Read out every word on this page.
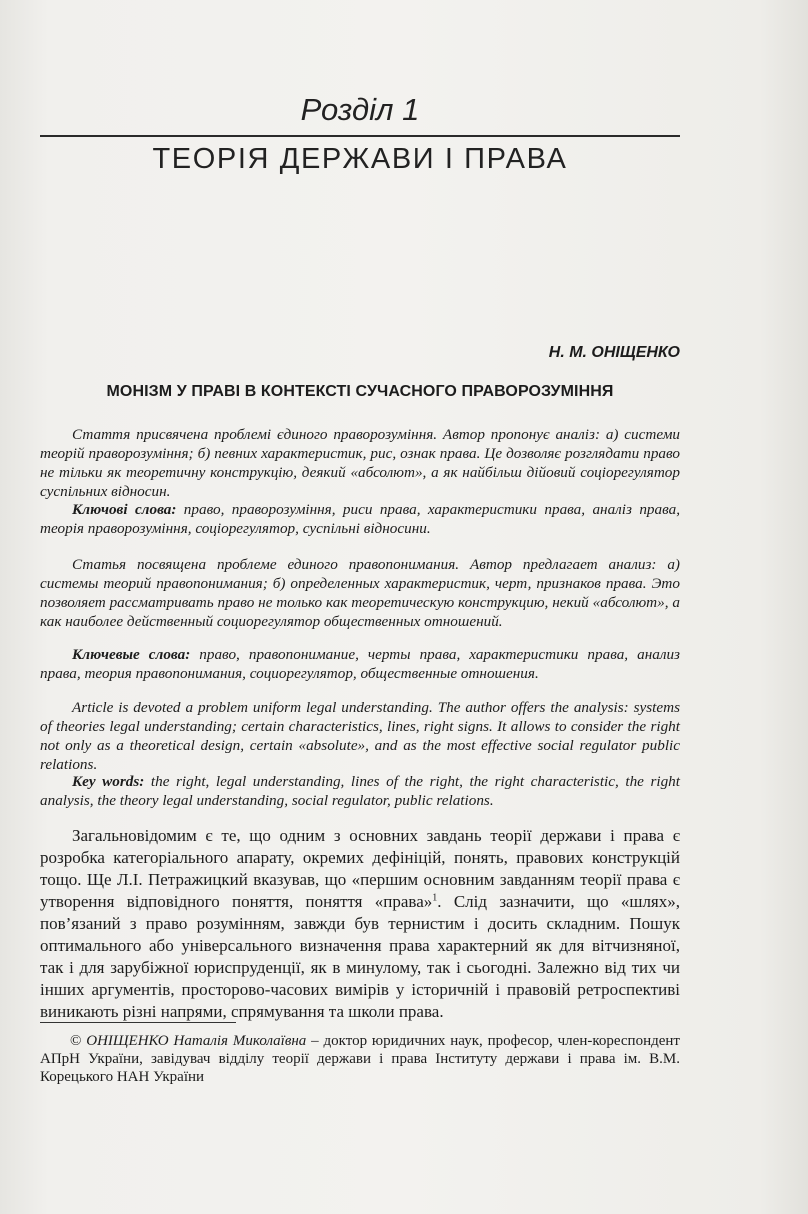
Розділ 1
ТЕОРІЯ ДЕРЖАВИ І ПРАВА
Н. М. ОНІЩЕНКО
МОНІЗМ У ПРАВІ В КОНТЕКСТІ СУЧАСНОГО ПРАВОРОЗУМІННЯ

Стаття присвячена проблемі єдиного праворозуміння. Автор пропонує аналіз: а) системи теорій праворозуміння; б) певних характеристик, рис, ознак права. Це дозволяє розглядати право не тільки як теоретичну конструкцію, деякий «абсолют», а як найбільш дійовий соціорегулятор суспільних відносин.

Ключові слова: право, праворозуміння, риси права, характеристики права, аналіз права, теорія праворозуміння, соціорегулятор, суспільні відносини.

Статья посвящена проблеме единого правопонимания. Автор предлагает анализ: а) системы теорий правопонимания; б) определенных характеристик, черт, признаков права. Это позволяет рассматривать право не только как теоретическую конструкцию, некий «абсолют», а как наиболее действенный социорегулятор общественных отношений.

Ключевые слова: право, правопонимание, черты права, характеристики права, анализ права, теория правопонимания, социорегулятор, общественные отношения.

Article is devoted a problem uniform legal understanding. The author offers the analysis: systems of theories legal understanding; certain characteristics, lines, right signs. It allows to consider the right not only as a theoretical design, certain «absolute», and as the most effective social regulator public relations.

Key words: the right, legal understanding, lines of the right, the right characteristic, the right analysis, the theory legal understanding, social regulator, public relations.

Загальновідомим є те, що одним з основних завдань теорії держави і права є розробка категоріального апарату, окремих дефініцій, понять, правових конструкцій тощо. Ще Л.І. Петражицкий вказував, що «першим основним завданням теорії права є утворення відповідного поняття, поняття «права»$^1$. Слід зазначити, що «шлях», пов’язаний з право розумінням, завжди був тернистим і досить складним. Пошук оптимального або універсального визначення права характерний як для вітчизняної, так і для зарубіжної юриспруденції, як в минулому, так і сьогодні. Залежно від тих чи інших аргументів, просторово-часових вимірів у історичній і правовій ретроспективі виникають різні напрями, спрямування та школи права.

© ОНІЩЕНКО Наталія Миколаївна – доктор юридичних наук, професор, член-кореспондент АПрН України, завідувач відділу теорії держави і права Інституту держави і права ім. В.М. Корецького НАН України
